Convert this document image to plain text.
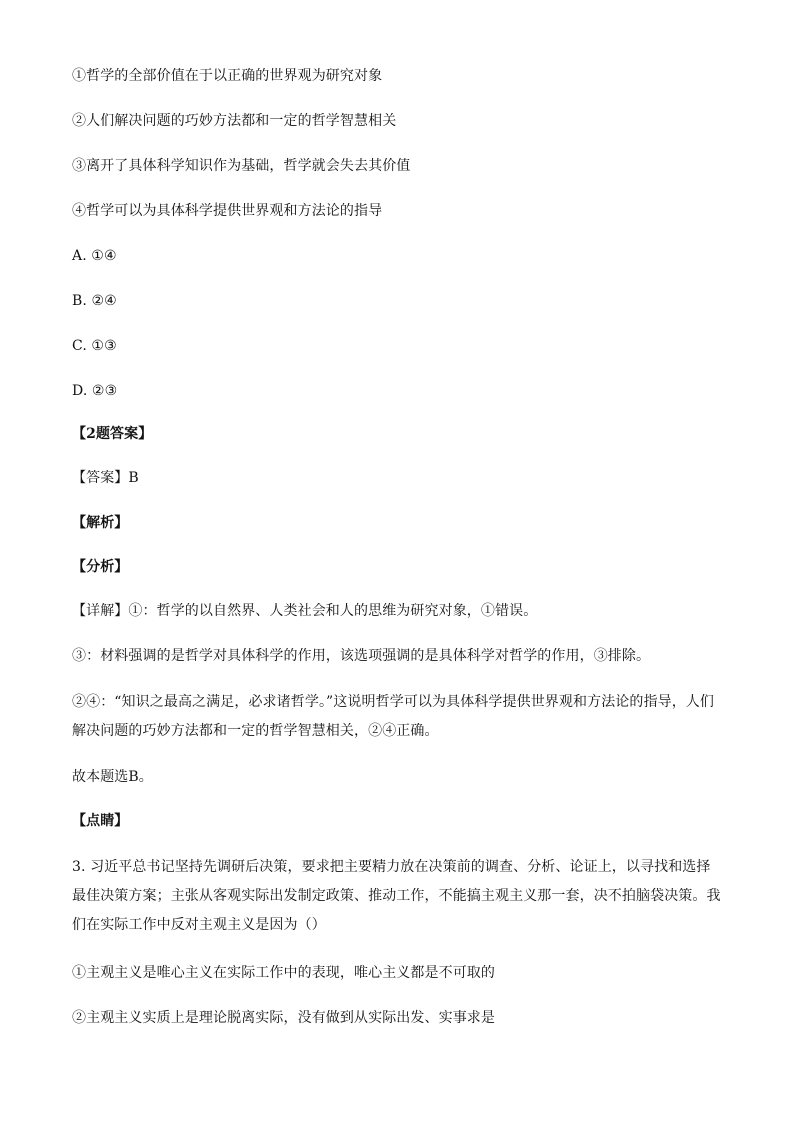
①哲学的全部价值在于以正确的世界观为研究对象
②人们解决问题的巧妙方法都和一定的哲学智慧相关
③离开了具体科学知识作为基础，哲学就会失去其价值
④哲学可以为具体科学提供世界观和方法论的指导
A. ①④
B. ②④
C. ①③
D. ②③
【2题答案】
【答案】B
【解析】
【分析】
【详解】①：哲学的以自然界、人类社会和人的思维为研究对象，①错误。
③：材料强调的是哲学对具体科学的作用，该选项强调的是具体科学对哲学的作用，③排除。
②④：“知识之最高之满足，必求诸哲学。”这说明哲学可以为具体科学提供世界观和方法论的指导，人们解决问题的巧妙方法都和一定的哲学智慧相关，②④正确。
故本题选B。
【点睛】
3. 习近平总书记坚持先调研后决策，要求把主要精力放在决策前的调查、分析、论证上，以寻找和选择最佳决策方案；主张从客观实际出发制定政策、推动工作，不能搞主观主义那一套，决不拍脑袋决策。我们在实际工作中反对主观主义是因为（）
①主观主义是唯心主义在实际工作中的表现，唯心主义都是不可取的
②主观主义实质上是理论脱离实际，没有做到从实际出发、实事求是
